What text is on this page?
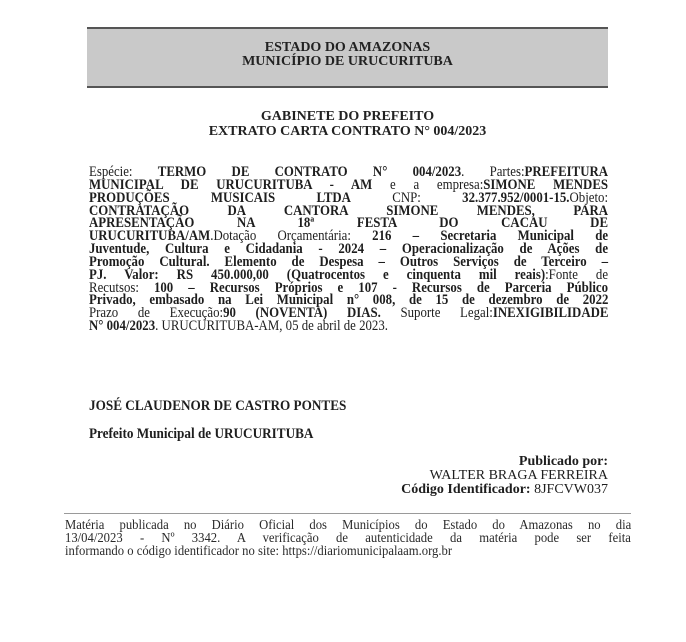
ESTADO DO AMAZONAS
MUNICÍPIO DE URUCURITUBA
GABINETE DO PREFEITO
EXTRATO CARTA CONTRATO N° 004/2023
Espécie: TERMO DE CONTRATO N° 004/2023. Partes:PREFEITURA
MUNICIPAL DE URUCURITUBA - AM e a empresa:SIMONE MENDES
PRODUÇÕES MUSICAIS LTDA CNP: 32.377.952/0001-15.Objeto:
CONTRATAÇÃO DA CANTORA SIMONE MENDES, PARA
APRESENTAÇÃO NA 18ª FESTA DO CACAU DE
URUCURITUBA/AM.Dotação Orçamentária: 216 – Secretaria Municipal de
Juventude, Cultura e Cidadania - 2024 – Operacionalização de Ações de
Promoção Cultural. Elemento de Despesa – Outros Serviços de Terceiro –
PJ. Valor: RS 450.000,00 (Quatrocentos e cinquenta mil reais):Fonte de
Recutsos: 100 – Recursos Próprios e 107 - Recursos de Parceria Público
Privado, embasado na Lei Municipal n° 008, de 15 de dezembro de 2022
Prazo de Execução:90 (NOVENTA) DIAS. Suporte Legal:INEXIGIBILIDADE
N° 004/2023. URUCURITUBA-AM, 05 de abril de 2023.
JOSÉ CLAUDENOR DE CASTRO PONTES
Prefeito Municipal de URUCURITUBA
Publicado por:
WALTER BRAGA FERREIRA
Código Identificador: 8JFCVW037
Matéria publicada no Diário Oficial dos Municípios do Estado do Amazonas no dia
13/04/2023 - Nº 3342. A verificação de autenticidade da matéria pode ser feita
informando o código identificador no site: https://diariomunicipalaam.org.br
